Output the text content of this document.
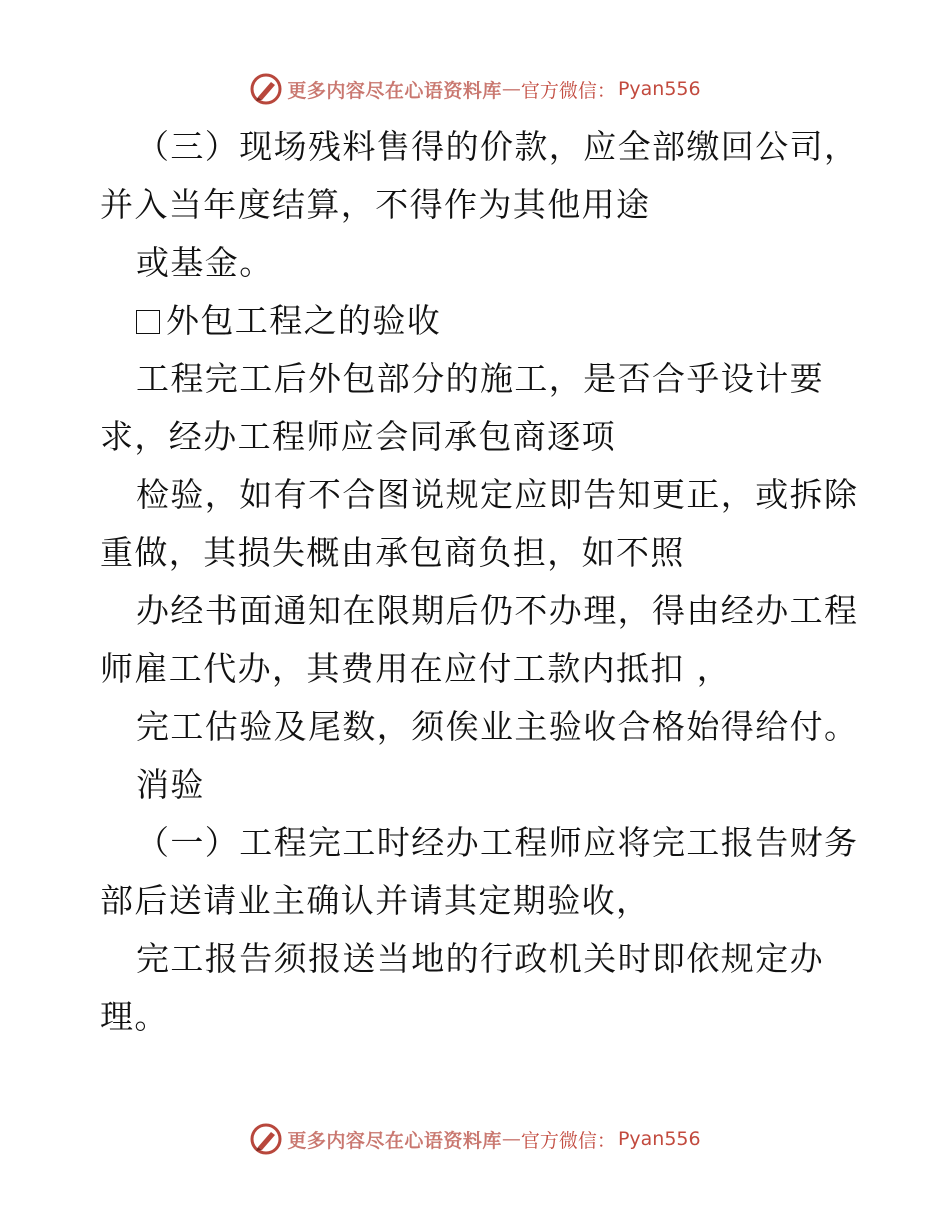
更多内容尽在心语资料库 — 官方微信： Pyan556
（三）现场残料售得的价款，应全部缴回公司，
并入当年度结算，不得作为其他用途
或基金。
外包工程之的验收
工程完工后外包部分的施工，是否合乎设计要
求，经办工程师应会同承包商逐项
检验，如有不合图说规定应即告知更正，或拆除
重做，其损失概由承包商负担，如不照
办经书面通知在限期后仍不办理，得由经办工程
师雇工代办，其费用在应付工款内抵扣 ，
完工估验及尾数，须俟业主验收合格始得给付。
消验
（一）工程完工时经办工程师应将完工报告财务
部后送请业主确认并请其定期验收，
完工报告须报送当地的行政机关时即依规定办
理。
更多内容尽在心语资料库 — 官方微信： Pyan556
